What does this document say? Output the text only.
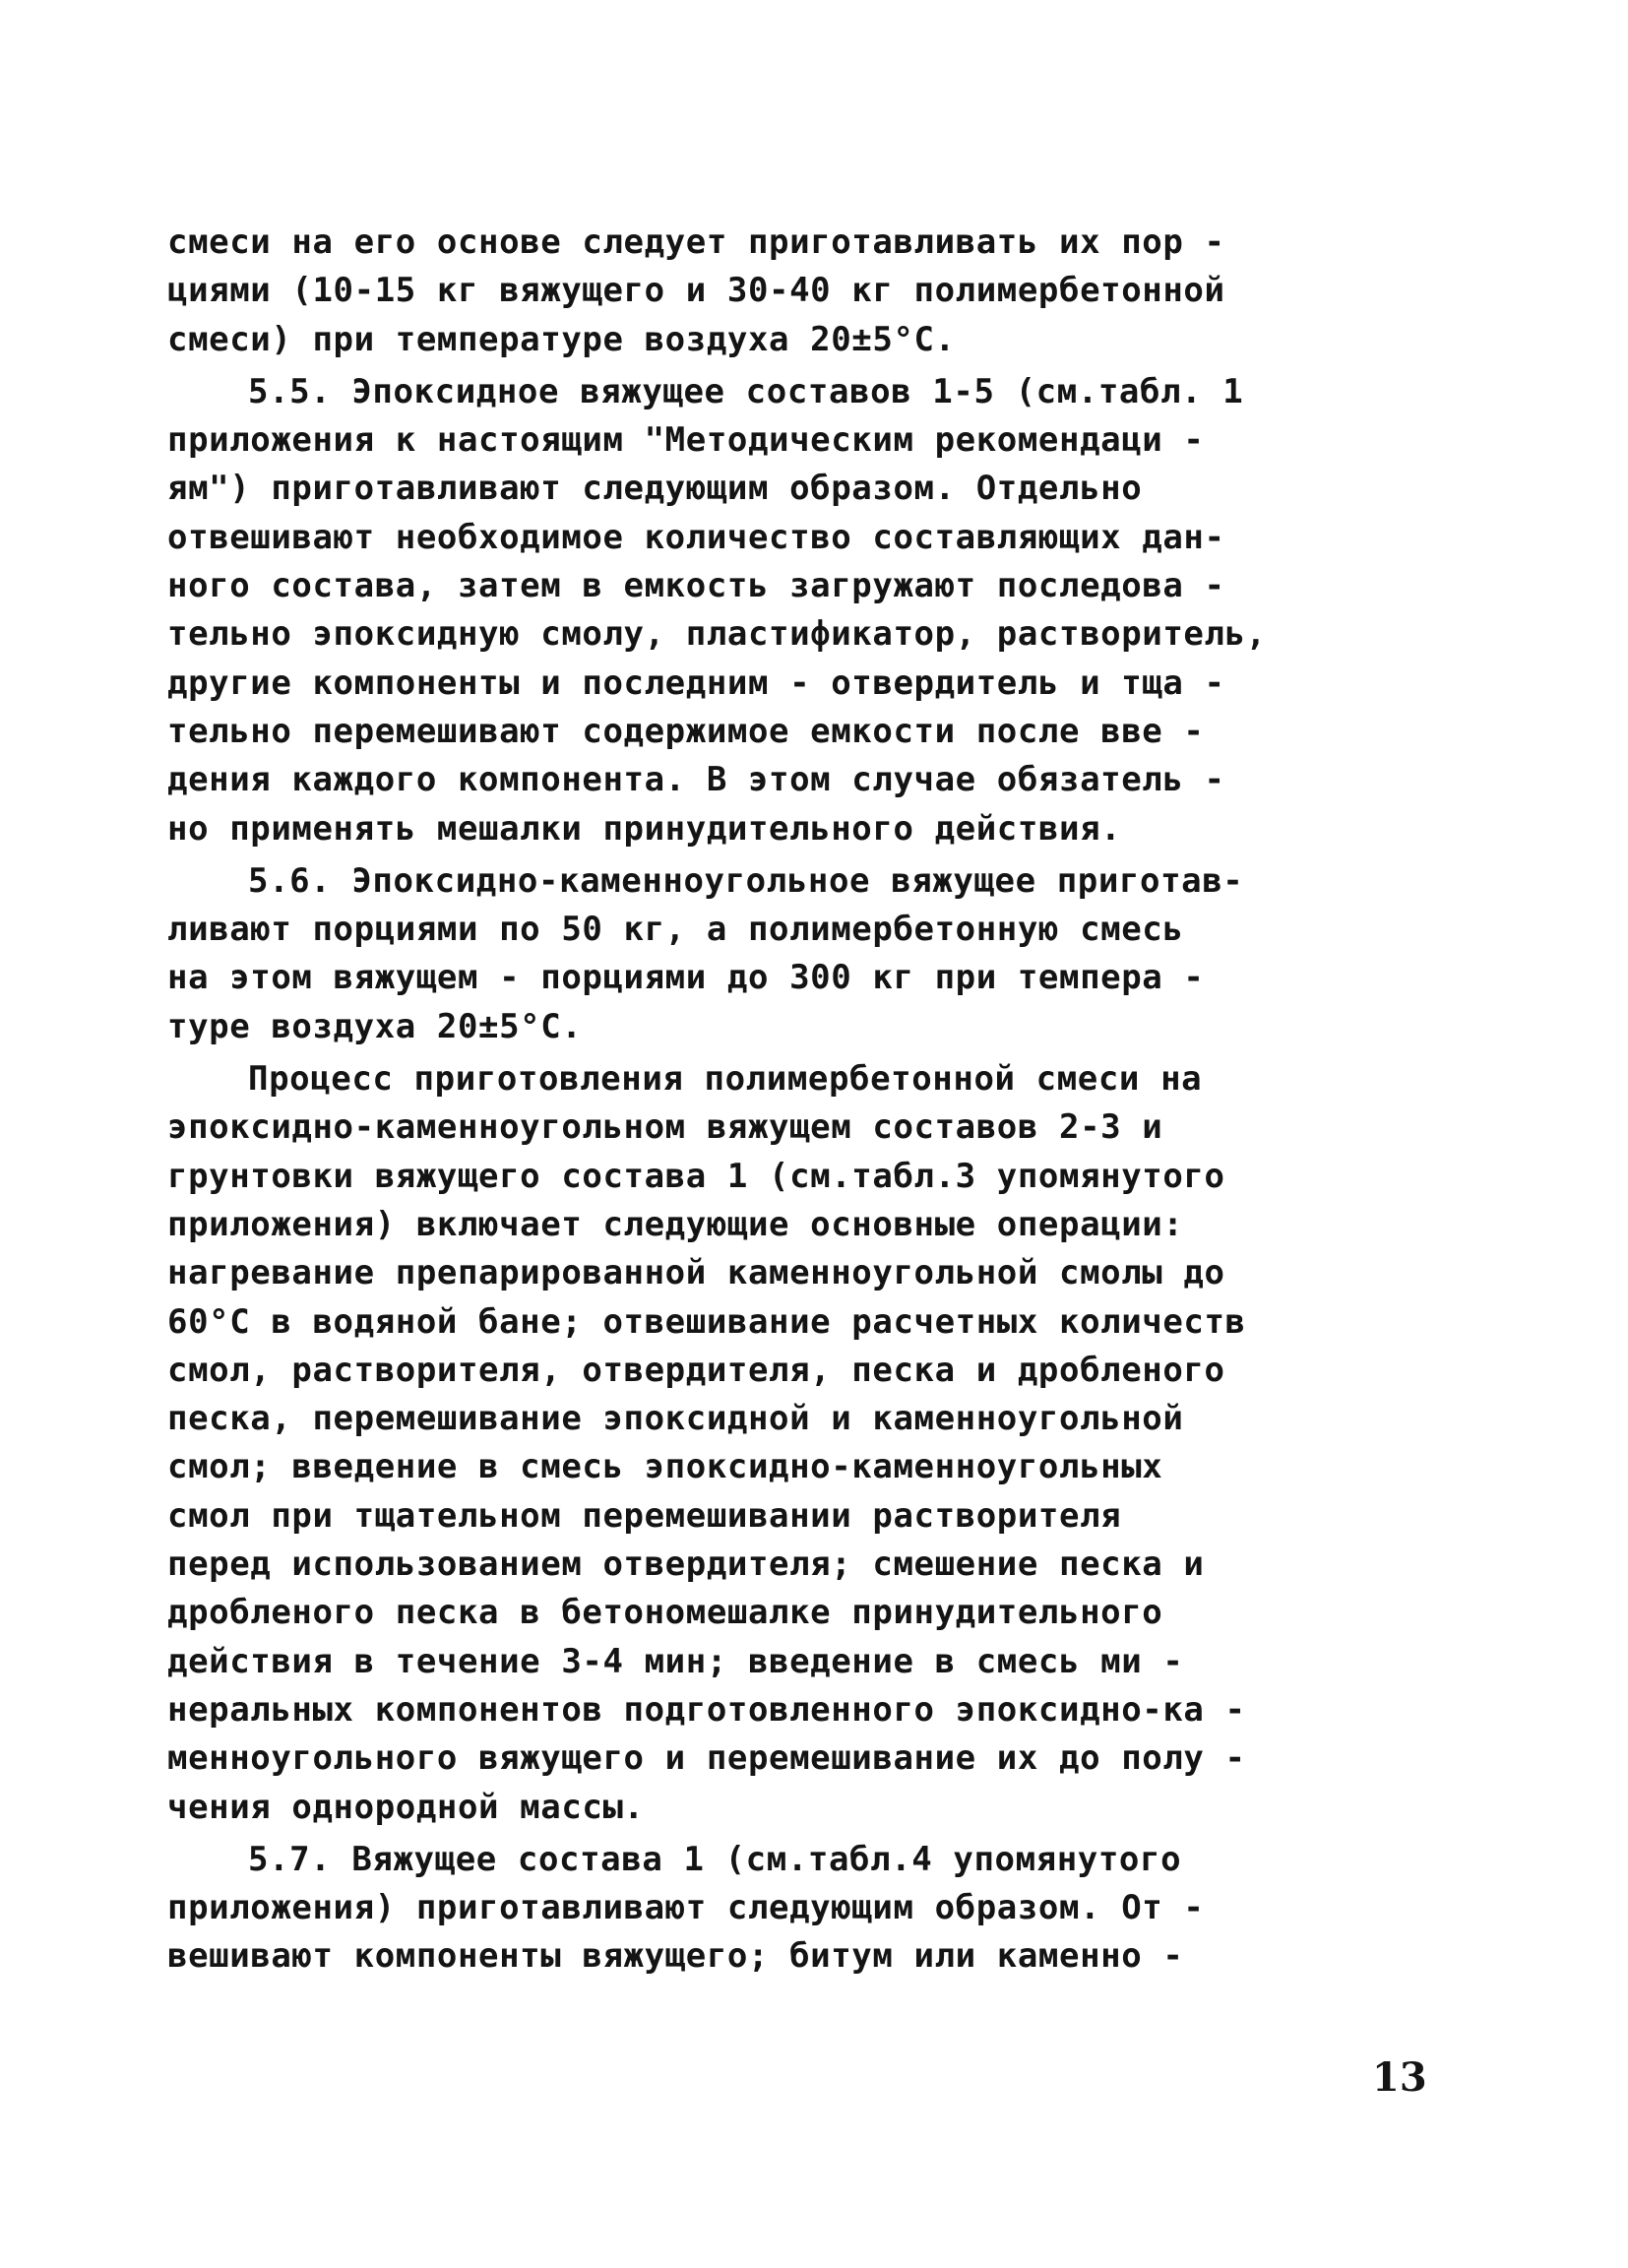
смеси на его основе следует приготавливать их пор -
циями (10-15 кг вяжущего и 30-40 кг полимербетонной
смеси) при температуре воздуха 20±5°С.
5.5. Эпоксидное вяжущее составов 1-5 (см.табл. 1
приложения к настоящим "Методическим рекомендаци -
ям") приготавливают следующим образом. Отдельно
отвешивают необходимое количество составляющих дан-
ного состава, затем в емкость загружают последова -
тельно эпоксидную смолу, пластификатор, растворитель,
другие компоненты и последним - отвердитель и тща -
тельно перемешивают содержимое емкости после вве -
дения каждого компонента. В этом случае обязатель -
но применять мешалки принудительного действия.
5.6. Эпоксидно-каменноугольное вяжущее приготав-
ливают порциями по 50 кг, а полимербетонную смесь
на этом вяжущем - порциями до 300 кг при темпера -
туре воздуха 20±5°С.
Процесс приготовления полимербетонной смеси на
эпоксидно-каменноугольном вяжущем составов 2-3 и
грунтовки вяжущего состава 1 (см.табл.3 упомянутого
приложения) включает следующие основные операции:
нагревание препарированной каменноугольной смолы до
60°С в водяной бане; отвешивание расчетных количеств
смол, растворителя, отвердителя, песка и дробленого
песка, перемешивание эпоксидной и каменноугольной
смол; введение в смесь эпоксидно-каменноугольных
смол при тщательном перемешивании растворителя
перед использованием отвердителя; смешение песка и
дробленого песка в бетономешалке принудительного
действия в течение 3-4 мин; введение в смесь ми -
неральных компонентов подготовленного эпоксидно-ка -
менноугольного вяжущего и перемешивание их до полу -
чения однородной массы.
5.7. Вяжущее состава 1 (см.табл.4 упомянутого
приложения) приготавливают следующим образом. От -
вешивают компоненты вяжущего; битум или каменно -
13
